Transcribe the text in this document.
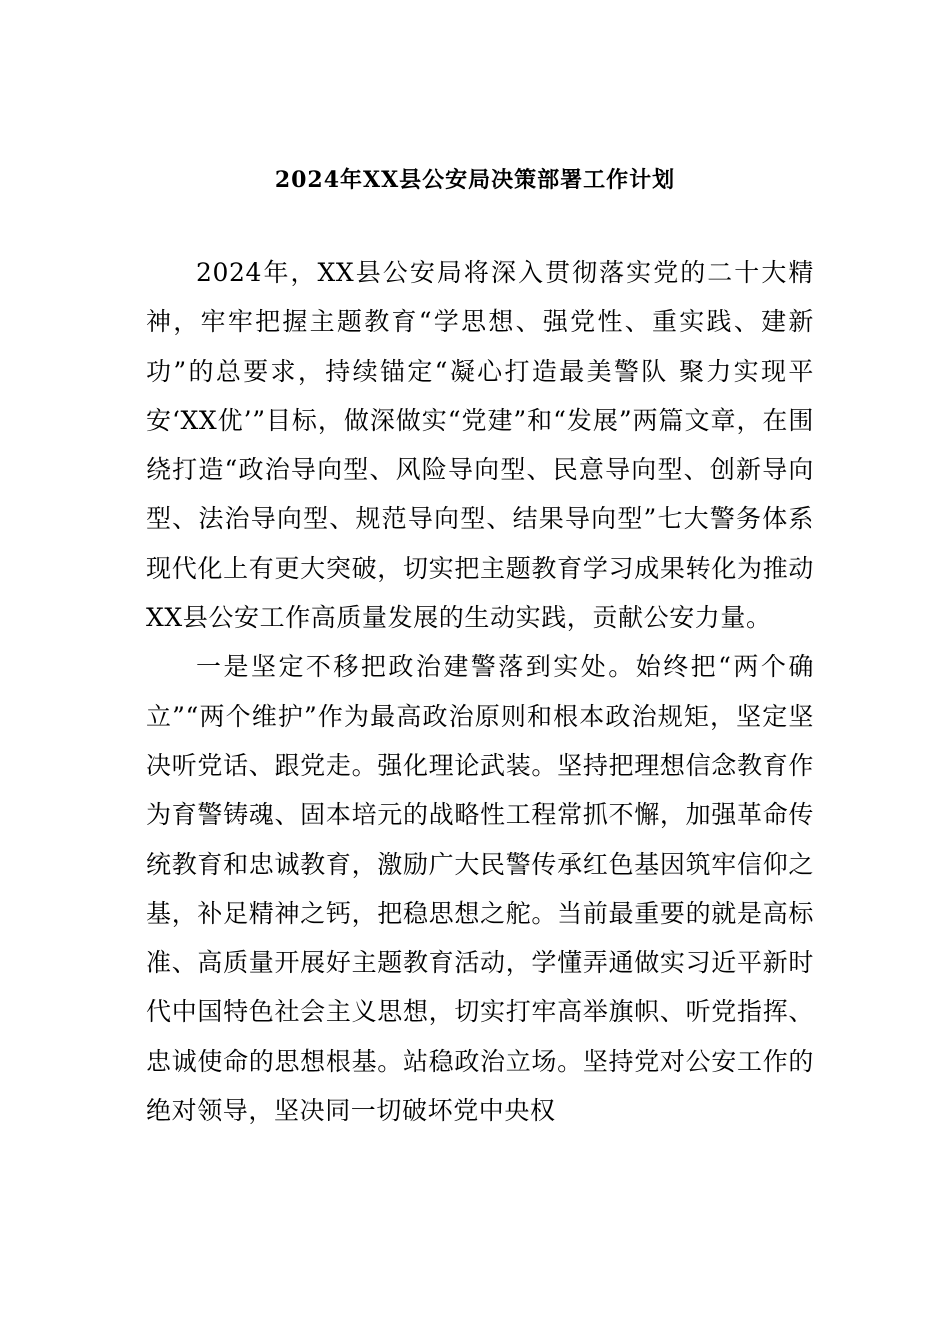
2024年XX县公安局决策部署工作计划

2024年，XX县公安局将深入贯彻落实党的二十大精神，牢牢把握主题教育“学思想、强党性、重实践、建新功”的总要求，持续锚定“凝心打造最美警队 聚力实现平安‘XX优’”目标，做深做实“党建”和“发展”两篇文章，在围绕打造“政治导向型、风险导向型、民意导向型、创新导向型、法治导向型、规范导向型、结果导向型”七大警务体系现代化上有更大突破，切实把主题教育学习成果转化为推动XX县公安工作高质量发展的生动实践，贡献公安力量。

一是坚定不移把政治建警落到实处。始终把“两个确立”“两个维护”作为最高政治原则和根本政治规矩，坚定坚决听党话、跟党走。强化理论武装。坚持把理想信念教育作为育警铸魂、固本培元的战略性工程常抓不懈，加强革命传统教育和忠诚教育，激励广大民警传承红色基因筑牢信仰之基，补足精神之钙，把稳思想之舵。当前最重要的就是高标准、高质量开展好主题教育活动，学懂弄通做实习近平新时代中国特色社会主义思想，切实打牢高举旗帜、听党指挥、忠诚使命的思想根基。站稳政治立场。坚持党对公安工作的绝对领导，坚决同一切破坏党中央权
